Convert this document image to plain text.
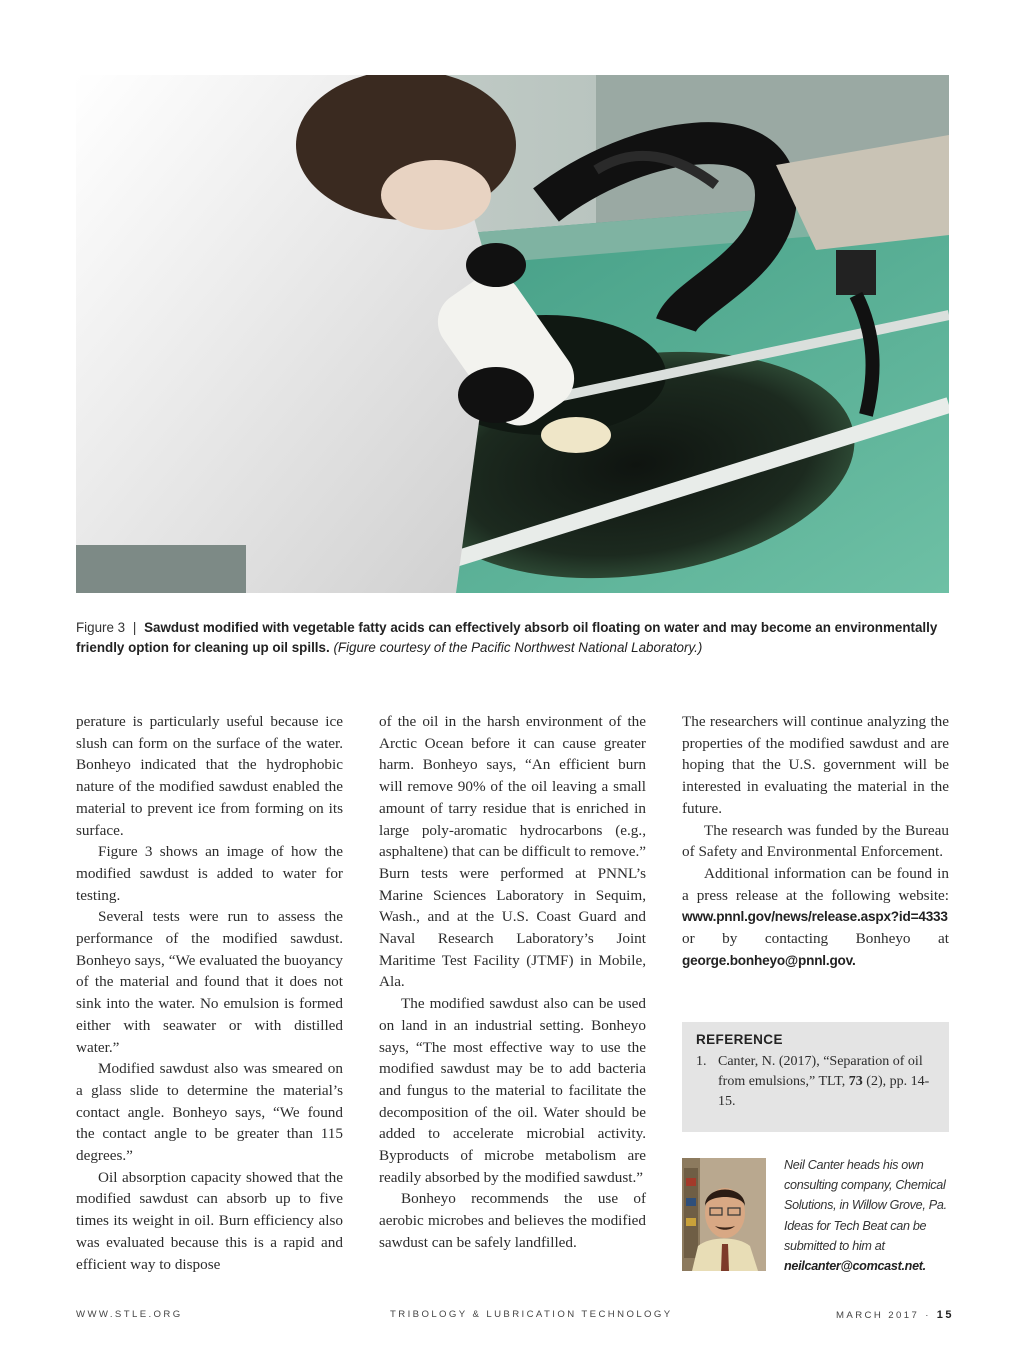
Figure 3 | Sawdust modified with vegetable fatty acids can effectively absorb oil floating on water and may become an environmentally friendly option for cleaning up oil spills. (Figure courtesy of the Pacific Northwest National Laboratory.)

perature is particularly useful because ice slush can form on the surface of the water. Bonheyo indicated that the hydrophobic nature of the modified sawdust enabled the material to prevent ice from forming on its surface.

Figure 3 shows an image of how the modified sawdust is added to water for testing.

Several tests were run to assess the performance of the modified sawdust. Bonheyo says, “We evaluated the buoyancy of the material and found that it does not sink into the water. No emulsion is formed either with seawater or with distilled water.”

Modified sawdust also was smeared on a glass slide to determine the material’s contact angle. Bonheyo says, “We found the contact angle to be greater than 115 degrees.”

Oil absorption capacity showed that the modified sawdust can absorb up to five times its weight in oil. Burn efficiency also was evaluated because this is a rapid and efficient way to dispose

of the oil in the harsh environment of the Arctic Ocean before it can cause greater harm. Bonheyo says, “An efficient burn will remove 90% of the oil leaving a small amount of tarry residue that is enriched in large poly-aromatic hydrocarbons (e.g., asphaltene) that can be difficult to remove.” Burn tests were performed at PNNL’s Marine Sciences Laboratory in Sequim, Wash., and at the U.S. Coast Guard and Naval Research Laboratory’s Joint Maritime Test Facility (JTMF) in Mobile, Ala.

The modified sawdust also can be used on land in an industrial setting. Bonheyo says, “The most effective way to use the modified sawdust may be to add bacteria and fungus to the material to facilitate the decomposition of the oil. Water should be added to accelerate microbial activity. Byproducts of microbe metabolism are readily absorbed by the modified sawdust.”

Bonheyo recommends the use of aerobic microbes and believes the modified sawdust can be safely landfilled.

The researchers will continue analyzing the properties of the modified sawdust and are hoping that the U.S. government will be interested in evaluating the material in the future.

The research was funded by the Bureau of Safety and Environmental Enforcement.

Additional information can be found in a press release at the following website: www.pnnl.gov/news/release.aspx?id=4333 or by contacting Bonheyo at george.bonheyo@pnnl.gov.

REFERENCE
1. Canter, N. (2017), “Separation of oil from emulsions,” TLT, 73 (2), pp. 14-15.
Neil Canter heads his own consulting company, Chemical Solutions, in Willow Grove, Pa. Ideas for Tech Beat can be submitted to him at neilcanter@comcast.net.
WWW.STLE.ORG	TRIBOLOGY & LUBRICATION TECHNOLOGY	MARCH 2017 · 15
